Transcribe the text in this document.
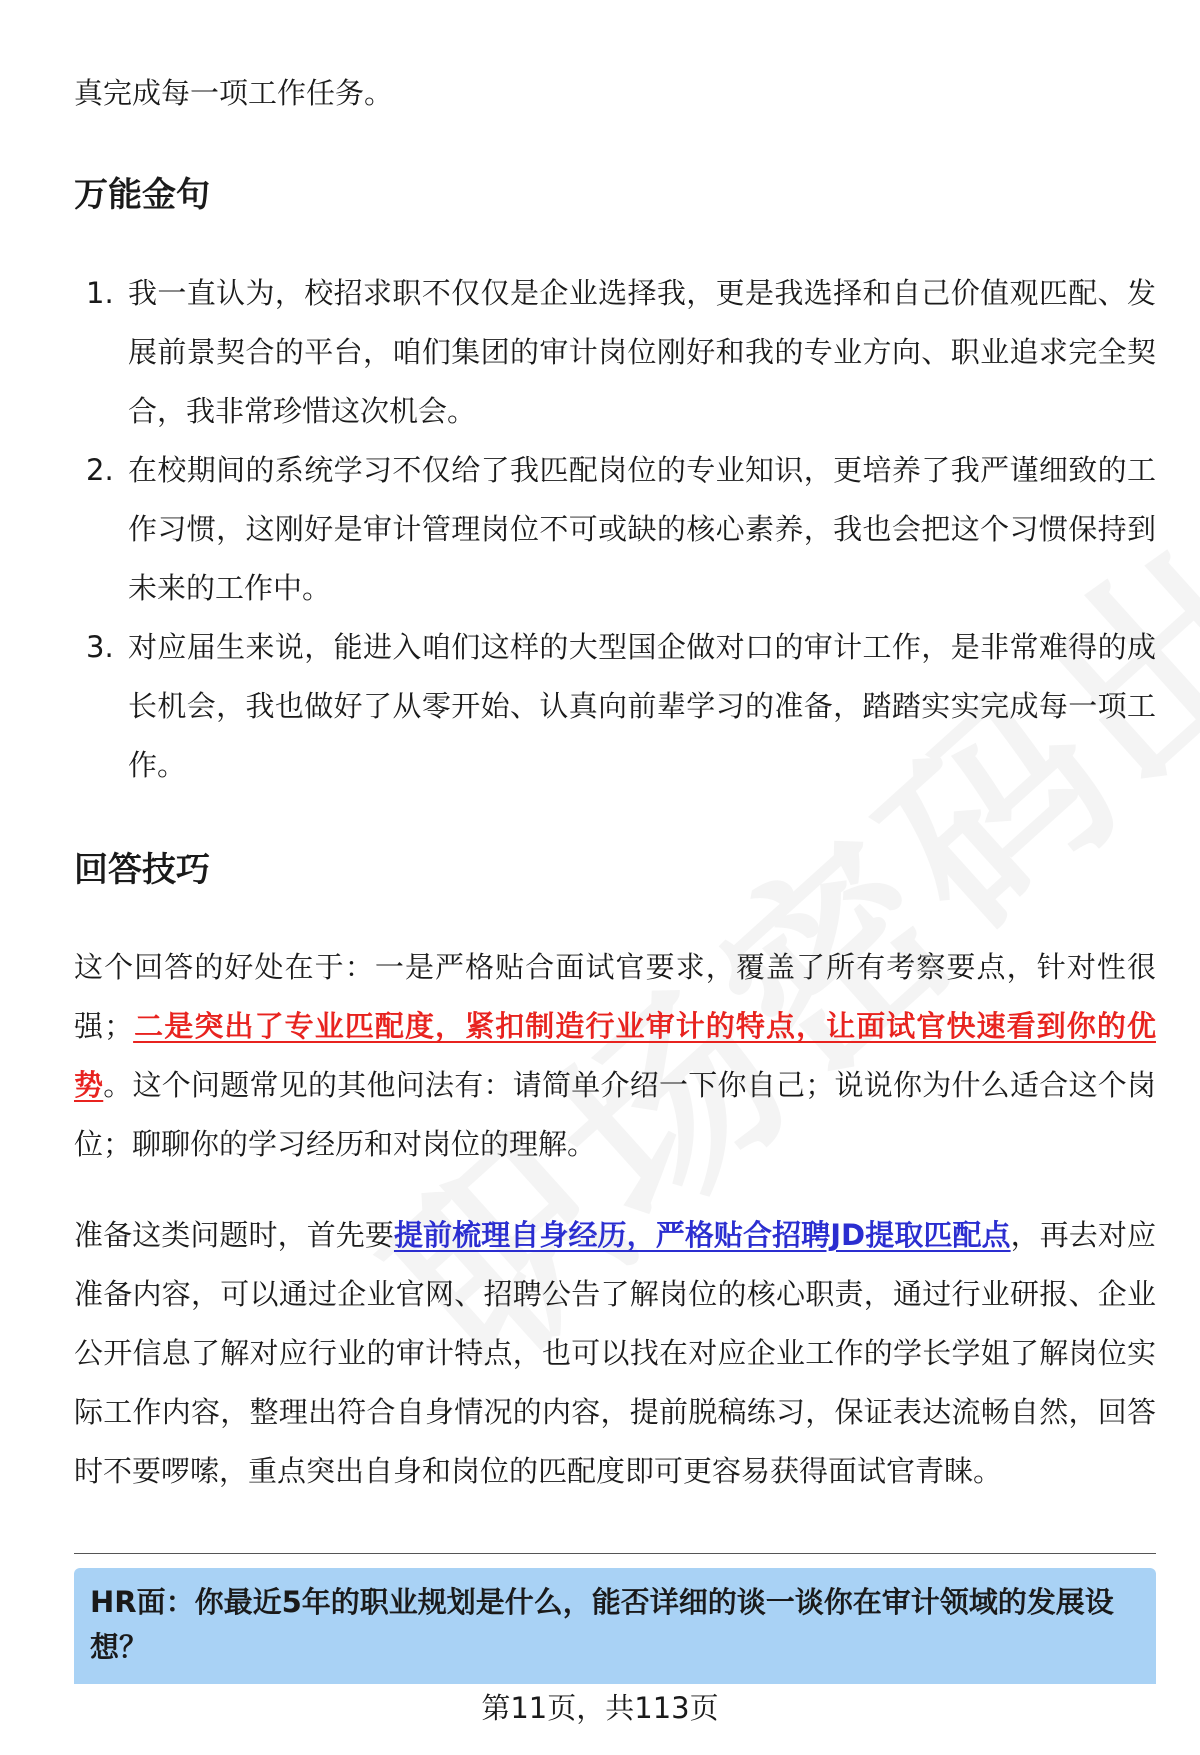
真完成每一项工作任务。

万能金句
1. 我一直认为，校招求职不仅仅是企业选择我，更是我选择和自己价值观匹配、发展前景契合的平台，咱们集团的审计岗位刚好和我的专业方向、职业追求完全契合，我非常珍惜这次机会。
2. 在校期间的系统学习不仅给了我匹配岗位的专业知识，更培养了我严谨细致的工作习惯，这刚好是审计管理岗位不可或缺的核心素养，我也会把这个习惯保持到未来的工作中。
3. 对应届生来说，能进入咱们这样的大型国企做对口的审计工作，是非常难得的成长机会，我也做好了从零开始、认真向前辈学习的准备，踏踏实实完成每一项工作。
回答技巧

这个回答的好处在于：一是严格贴合面试官要求，覆盖了所有考察要点，针对性很强；二是突出了专业匹配度，紧扣制造行业审计的特点，让面试官快速看到你的优势。这个问题常见的其他问法有：请简单介绍一下你自己；说说你为什么适合这个岗位；聊聊你的学习经历和对岗位的理解。

准备这类问题时，首先要提前梳理自身经历，严格贴合招聘JD提取匹配点，再去对应准备内容，可以通过企业官网、招聘公告了解岗位的核心职责，通过行业研报、企业公开信息了解对应行业的审计特点，也可以找在对应企业工作的学长学姐了解岗位实际工作内容，整理出符合自身情况的内容，提前脱稿练习，保证表达流畅自然，回答时不要啰嗦，重点突出自身和岗位的匹配度即可更容易获得面试官青睐。

HR面：你最近5年的职业规划是什么，能否详细的谈一谈你在审计领域的发展设想？

第11页，共113页
